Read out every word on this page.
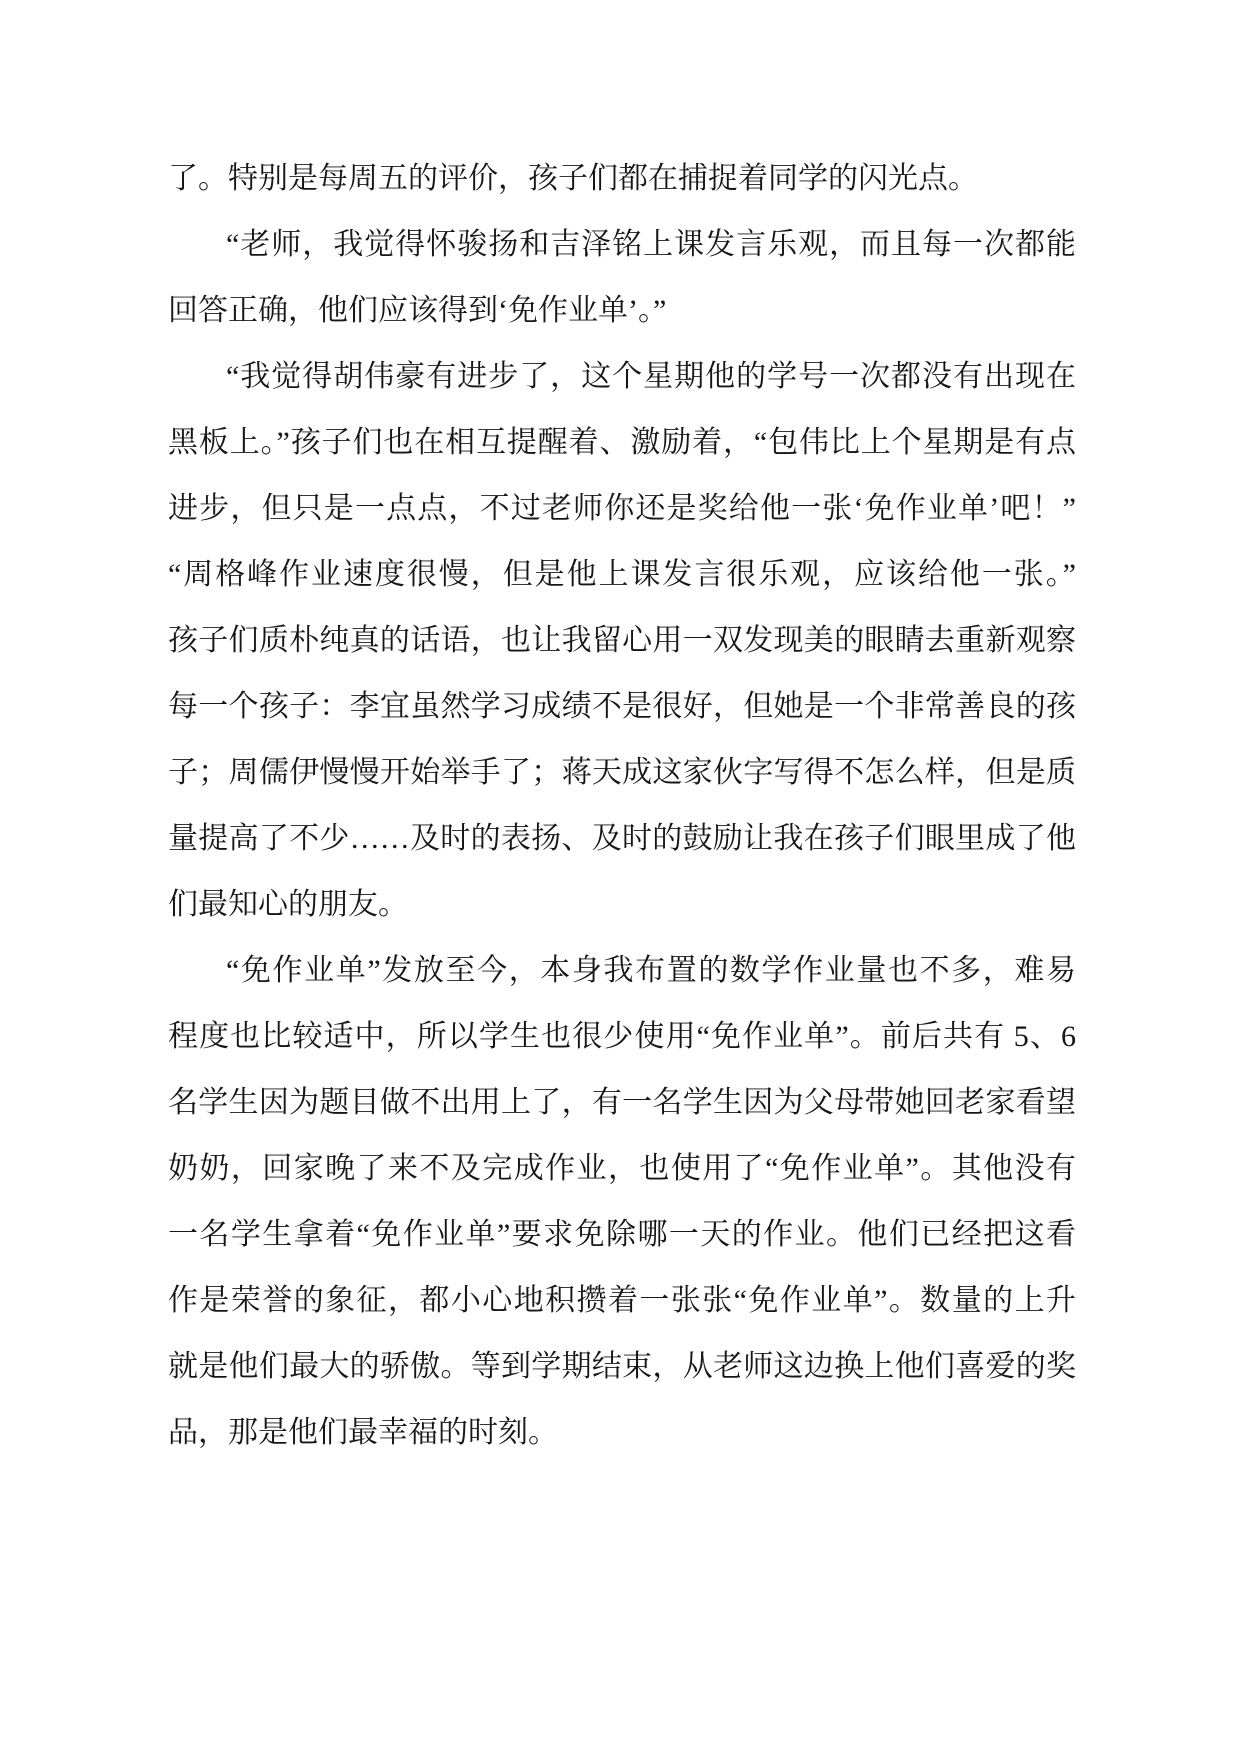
了。特别是每周五的评价，孩子们都在捕捉着同学的闪光点。
“老师，我觉得怀骏扬和吉泽铭上课发言乐观，而且每一次都能
回答正确，他们应该得到‘免作业单’。”
“我觉得胡伟豪有进步了，这个星期他的学号一次都没有出现在
黑板上。”孩子们也在相互提醒着、激励着，“包伟比上个星期是有点
进步，但只是一点点，不过老师你还是奖给他一张‘免作业单’吧！”
“周格峰作业速度很慢，但是他上课发言很乐观，应该给他一张。”
孩子们质朴纯真的话语，也让我留心用一双发现美的眼睛去重新观察
每一个孩子：李宜虽然学习成绩不是很好，但她是一个非常善良的孩
子；周儒伊慢慢开始举手了；蒋天成这家伙字写得不怎么样，但是质
量提高了不少……及时的表扬、及时的鼓励让我在孩子们眼里成了他
们最知心的朋友。
“免作业单”发放至今，本身我布置的数学作业量也不多，难易
程度也比较适中，所以学生也很少使用“免作业单”。前后共有 5、6
名学生因为题目做不出用上了，有一名学生因为父母带她回老家看望
奶奶，回家晚了来不及完成作业，也使用了“免作业单”。其他没有
一名学生拿着“免作业单”要求免除哪一天的作业。他们已经把这看
作是荣誉的象征，都小心地积攒着一张张“免作业单”。数量的上升
就是他们最大的骄傲。等到学期结束，从老师这边换上他们喜爱的奖
品，那是他们最幸福的时刻。
